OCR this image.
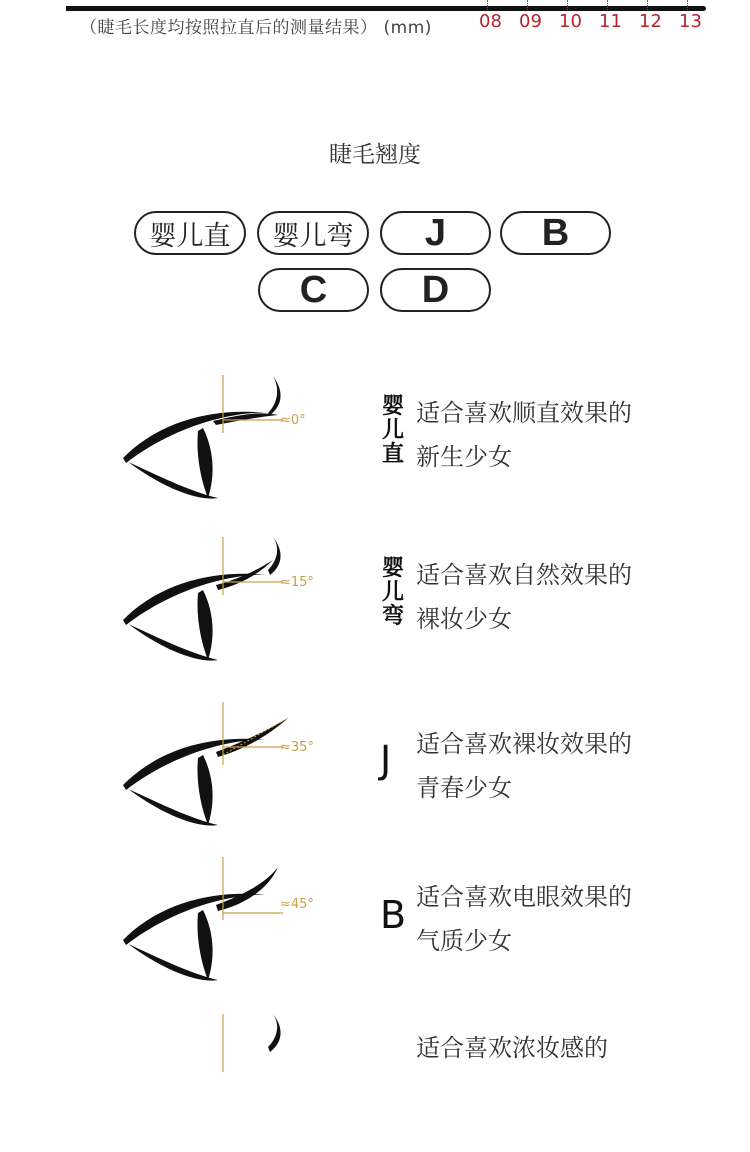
（睫毛长度均按照拉直后的测量结果） (mm)	08 09 10 11 12 13
睫毛翘度
婴儿直	婴儿弯	J	B
C	D
≈0°
婴
儿
直
适合喜欢顺直效果的
新生少女
≈15°
婴
儿
弯
适合喜欢自然效果的
裸妆少女
≈35° J 适合喜欢裸妆效果的
青春少女
≈45° B 适合喜欢电眼效果的
气质少女
适合喜欢浓妆感的
